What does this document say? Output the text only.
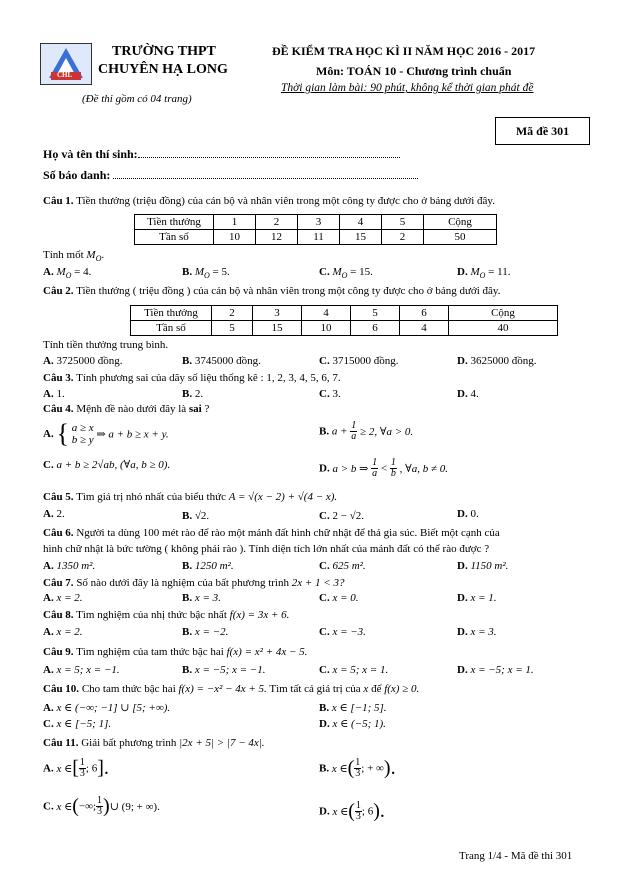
CHL
TRƯỜNG THPT
CHUYÊN HẠ LONG
(Đề thi gồm có 04 trang)
ĐỀ KIỂM TRA HỌC KÌ II NĂM HỌC 2016 - 2017
Môn: TOÁN 10 - Chương trình chuẩn
Thời gian làm bài: 90 phút, không kể thời gian phát đề
Mã đề 301
Họ và tên thí sinh:
Số báo danh:
Câu 1. Tiền thưởng (triệu đồng) của cán bộ và nhân viên trong một công ty được cho ở bảng dưới đây.
Tiền thưởng	1	2	3	4	5	Cộng
Tần số	10	12	11	15	2	50
Tính mốt $M_O$.
A. $M_O = 4$.	B. $M_O = 5$.	C. $M_O = 15$.	D. $M_O = 11$.
Câu 2. Tiền thưởng ( triệu đồng ) của cán bộ và nhân viên trong một công ty được cho ở bảng dưới đây.
Tiền thưởng	2	3	4	5	6	Cộng
Tần số	5	15	10	6	4	40
Tính tiền thưởng trung bình.
A. 3725000 đồng.	B. 3745000 đồng.	C. 3715000 đồng.	D. 3625000 đồng.
Câu 3. Tính phương sai của dãy số liệu thống kê : 1, 2, 3, 4, 5, 6, 7.
A. 1.	B. 2.	C. 3.	D. 4.
Câu 4. Mệnh đề nào dưới đây là sai ?
A. { a ≥ x
b ≥ y ⇒ a + b ≥ x + y.	B. $a + \frac{1}{a} \ge 2$, ∀a > 0.
C. a + b ≥ 2√ab, (∀a, b ≥ 0).	D. a > b ⇒ $\frac{1}{a} < \frac{1}{b}$ , ∀a, b ≠ 0.
Câu 5. Tìm giá trị nhỏ nhất của biểu thức A = √(x − 2) + √(4 − x).
A. 2.	B. √2.	C. 2 − √2.	D. 0.
Câu 6. Người ta dùng 100 mét rào để rào một mảnh đất hình chữ nhật để thả gia súc. Biết một cạnh của
hình chữ nhật là bức tường ( không phải rào ). Tính diện tích lớn nhất của mảnh đất có thể rào được ?
A. 1350 m².	B. 1250 m².	C. 625 m².	D. 1150 m².
Câu 7. Số nào dưới đây là nghiệm của bất phương trình 2x + 1 < 3?
A. x = 2.	B. x = 3.	C. x = 0.	D. x = 1.
Câu 8. Tìm nghiệm của nhị thức bậc nhất f(x) = 3x + 6.
A. x = 2.	B. x = −2.	C. x = −3.	D. x = 3.
Câu 9. Tìm nghiệm của tam thức bậc hai f(x) = x² + 4x − 5.
A. x = 5; x = −1.	B. x = −5; x = −1.	C. x = 5; x = 1.	D. x = −5; x = 1.
Câu 10. Cho tam thức bậc hai f(x) = −x² − 4x + 5. Tìm tất cả giá trị của x để f(x) ≥ 0.
A. x ∈ (−∞; −1] ∪ [5; +∞).	B. x ∈ [−1; 5].
C. x ∈ [−5; 1].	D. x ∈ (−5; 1).
Câu 11. Giải bất phương trình |2x + 5| > |7 − 4x|.
A. x ∈[ $\frac{1}{3}$ ; 6].	B. x ∈( $\frac{1}{3}$ ; + ∞).
C. x ∈(−∞; $\frac{1}{3}$ )∪ (9; + ∞).	D. x ∈( $\frac{1}{3}$ ; 6).
Trang 1/4 - Mã đề thi 301
